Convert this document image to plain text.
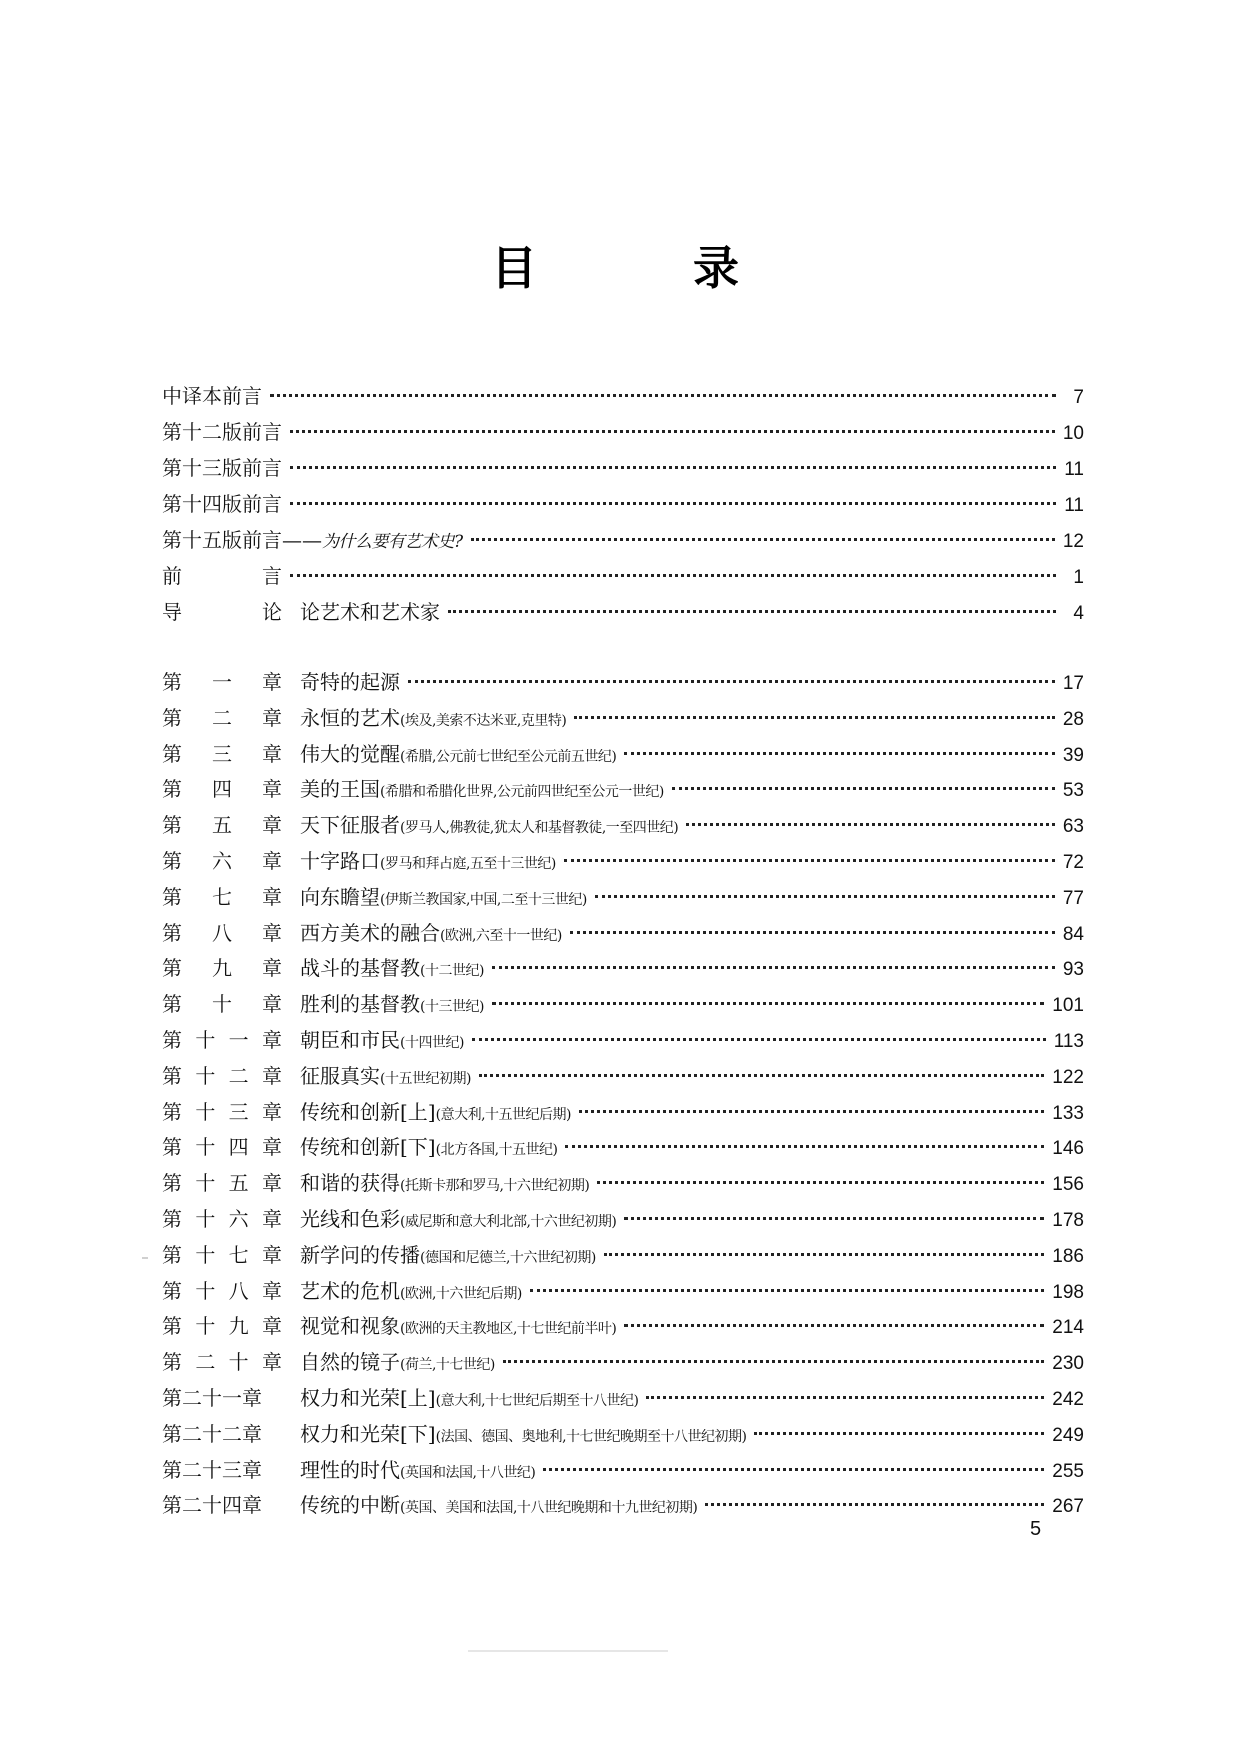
目 录
中译本前言	7
第十二版前言	10
第十三版前言	11
第十四版前言	11
第十五版前言——为什么要有艺术史?	12
前	言	1
导	论 论艺术和艺术家	4
第 一 章 奇特的起源	17
第 二 章 永恒的艺术(埃及,美索不达米亚,克里特)	28
第 三 章 伟大的觉醒(希腊,公元前七世纪至公元前五世纪)	39
第 四 章 美的王国(希腊和希腊化世界,公元前四世纪至公元一世纪)	53
第 五 章 天下征服者(罗马人,佛教徒,犹太人和基督教徒,一至四世纪)	63
第 六 章 十字路口(罗马和拜占庭,五至十三世纪)	72
第 七 章 向东瞻望(伊斯兰教国家,中国,二至十三世纪)	77
第 八 章 西方美术的融合(欧洲,六至十一世纪)	84
第 九 章 战斗的基督教(十二世纪)	93
第 十 章 胜利的基督教(十三世纪)	101
第 十 一 章 朝臣和市民(十四世纪)	113
第 十 二 章 征服真实(十五世纪初期)	122
第 十 三 章 传统和创新[上](意大利,十五世纪后期)	133
第 十 四 章 传统和创新[下](北方各国,十五世纪)	146
第 十 五 章 和谐的获得(托斯卡那和罗马,十六世纪初期)	156
第 十 六 章 光线和色彩(威尼斯和意大利北部,十六世纪初期)	178
第 十 七 章 新学问的传播(德国和尼德兰,十六世纪初期)	186
第 十 八 章 艺术的危机(欧洲,十六世纪后期)	198
第 十 九 章 视觉和视象(欧洲的天主教地区,十七世纪前半叶)	214
第 二 十 章 自然的镜子(荷兰,十七世纪)	230
第二十一章 权力和光荣[上](意大利,十七世纪后期至十八世纪)	242
第二十二章 权力和光荣[下](法国、德国、奥地利,十七世纪晚期至十八世纪初期)	249
第二十三章 理性的时代(英国和法国,十八世纪)	255
第二十四章 传统的中断(英国、美国和法国,十八世纪晚期和十九世纪初期)	267
5
